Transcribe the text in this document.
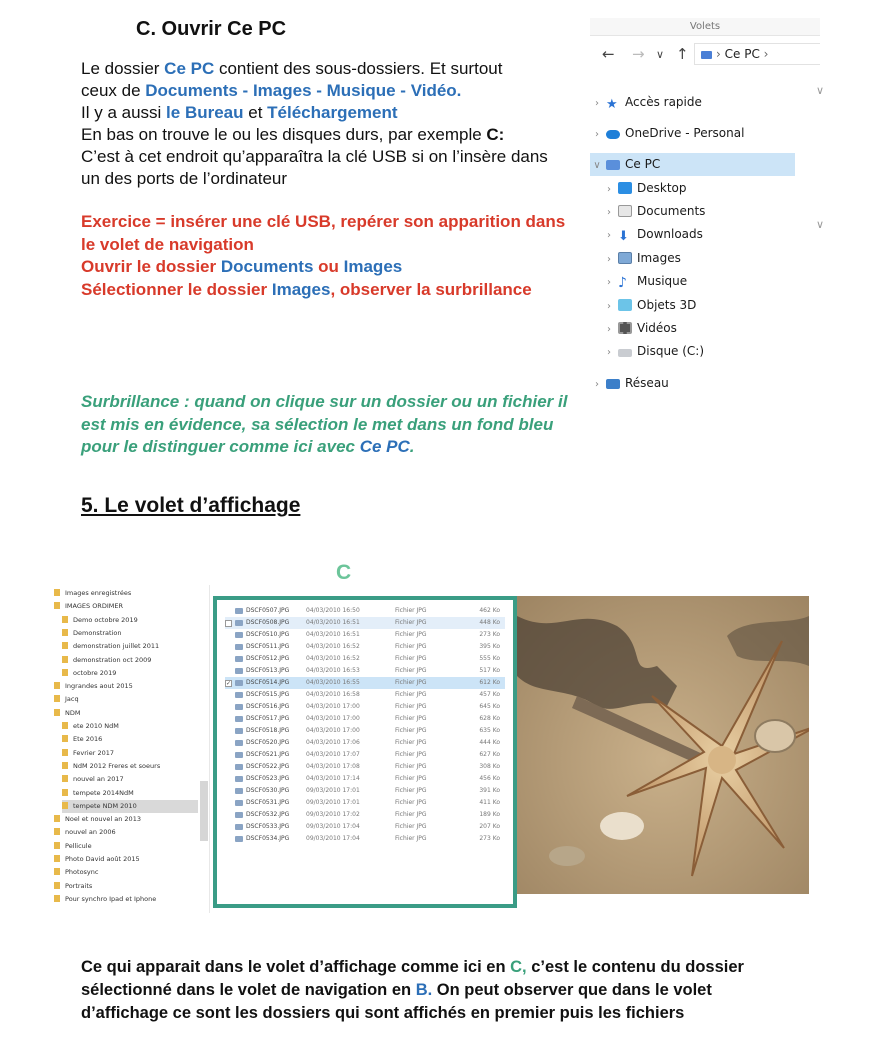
C. Ouvrir Ce PC
Le dossier Ce PC contient des sous-dossiers. Et surtout
ceux de Documents - Images - Musique - Vidéo.
Il y a aussi le Bureau et Téléchargement
En bas on trouve le ou les disques durs, par exemple C:
C’est à cet endroit qu’apparaîtra la clé USB si on l’insère dans un des ports de l’ordinateur
Exercice = insérer une clé USB, repérer son apparition dans le volet de navigation
Ouvrir le dossier Documents ou Images
Sélectionner le dossier Images, observer la surbrillance
Surbrillance : quand on clique sur un dossier ou un fichier il est mis en évidence, sa sélection le met dans un fond bleu pour le distinguer comme ici avec Ce PC.
Volets
← → ∨ ↑	› Ce PC ›
∨
∨
› ★ Accès rapide
› OneDrive - Personal
∨ Ce PC
› Desktop
› Documents
› ⬇ Downloads
› Images
› ♪ Musique
› Objets 3D
› Vidéos
› Disque (C:)
› Réseau
5. Le volet d’affichage
C
Images enregistrées
IMAGES ORDIMER
Demo octobre 2019
Demonstration
demonstration juillet 2011
demonstration oct 2009
octobre 2019
Ingrandes aout 2015
Jacq
NDM
ete 2010 NdM
Ete 2016
Fevrier 2017
NdM 2012 Freres et soeurs
nouvel an 2017
tempete 2014NdM
tempete NDM 2010
Noel et nouvel an 2013
nouvel an 2006
Pellicule
Photo David août 2015
Photosync
Portraits
Pour synchro Ipad et Iphone
DSCF0507.JPG	04/03/2010 16:50	Fichier JPG	462 Ko
DSCF0508.JPG	04/03/2010 16:51	Fichier JPG	448 Ko
DSCF0510.JPG	04/03/2010 16:51	Fichier JPG	273 Ko
DSCF0511.JPG	04/03/2010 16:52	Fichier JPG	395 Ko
DSCF0512.JPG	04/03/2010 16:52	Fichier JPG	555 Ko
DSCF0513.JPG	04/03/2010 16:53	Fichier JPG	517 Ko
✓ DSCF0514.JPG	04/03/2010 16:55	Fichier JPG	612 Ko
DSCF0515.JPG	04/03/2010 16:58	Fichier JPG	457 Ko
DSCF0516.JPG	04/03/2010 17:00	Fichier JPG	645 Ko
DSCF0517.JPG	04/03/2010 17:00	Fichier JPG	628 Ko
DSCF0518.JPG	04/03/2010 17:00	Fichier JPG	635 Ko
DSCF0520.JPG	04/03/2010 17:06	Fichier JPG	444 Ko
DSCF0521.JPG	04/03/2010 17:07	Fichier JPG	627 Ko
DSCF0522.JPG	04/03/2010 17:08	Fichier JPG	308 Ko
DSCF0523.JPG	04/03/2010 17:14	Fichier JPG	456 Ko
DSCF0530.JPG	09/03/2010 17:01	Fichier JPG	391 Ko
DSCF0531.JPG	09/03/2010 17:01	Fichier JPG	411 Ko
DSCF0532.JPG	09/03/2010 17:02	Fichier JPG	189 Ko
DSCF0533.JPG	09/03/2010 17:04	Fichier JPG	207 Ko
DSCF0534.JPG	09/03/2010 17:04	Fichier JPG	273 Ko
Ce qui apparait dans le volet d’affichage comme ici en C, c’est le contenu du dossier sélectionné dans le volet de navigation en B. On peut observer que dans le volet d’affichage ce sont les dossiers qui sont affichés en premier puis les fichiers
